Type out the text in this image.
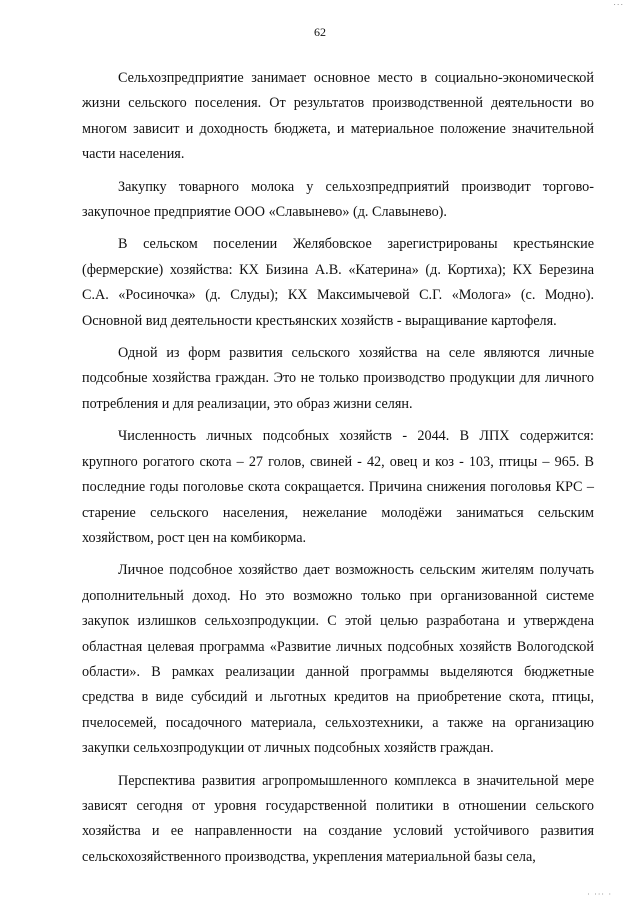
...
62

Сельхозпредприятие занимает основное место в социально-экономической жизни сельского поселения. От результатов производственной деятельности во многом зависит и доходность бюджета, и материальное положение значительной части населения.

Закупку товарного молока у сельхозпредприятий производит торгово-закупочное предприятие ООО «Славынево» (д. Славынево).

В сельском поселении Желябовское зарегистрированы крестьянские (фермерские) хозяйства: КХ Бизина А.В. «Катерина» (д. Кортиха); КХ Березина С.А. «Росиночка» (д. Слуды); КХ Максимычевой С.Г. «Молога» (с. Модно). Основной вид деятельности крестьянских хозяйств - выращивание картофеля.

Одной из форм развития сельского хозяйства на селе являются личные подсобные хозяйства граждан. Это не только производство продукции для личного потребления и для реализации, это образ жизни селян.

Численность личных подсобных хозяйств - 2044. В ЛПХ содержится: крупного рогатого скота – 27 голов, свиней - 42, овец и коз - 103, птицы – 965. В последние годы поголовье скота сокращается. Причина снижения поголовья КРС – старение сельского населения, нежелание молодёжи заниматься сельским хозяйством, рост цен на комбикорма.

Личное подсобное хозяйство дает возможность сельским жителям получать дополнительный доход. Но это возможно только при организованной системе закупок излишков сельхозпродукции. С этой целью разработана и утверждена областная целевая программа «Развитие личных подсобных хозяйств Вологодской области». В рамках реализации данной программы выделяются бюджетные средства в виде субсидий и льготных кредитов на приобретение скота, птицы, пчелосемей, посадочного материала, сельхозтехники, а также на организацию закупки сельхозпродукции от личных подсобных хозяйств граждан.

Перспектива развития агропромышленного комплекса в значительной мере зависят сегодня от уровня государственной политики в отношении сельского хозяйства и ее направленности на создание условий устойчивого развития сельскохозяйственного производства, укрепления материальной базы села,

· ··· ·
